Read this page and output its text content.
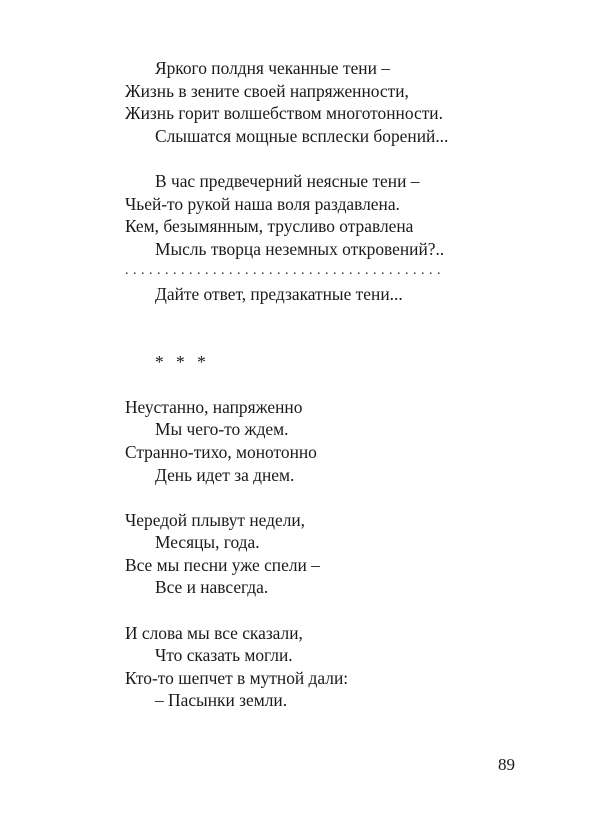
Яркого полдня чеканные тени –
Жизнь в зените своей напряженности,
Жизнь горит волшебством многотонности.
Слышатся мощные всплески борений...
В час предвечерний неясные тени –
Чьей-то рукой наша воля раздавлена.
Кем, безымянным, трусливо отравлена
Мысль творца неземных откровений?..
. . . . . . . . . . . . . . . . . . . . . . . . . . . . . . . . . . . . . . . .
Дайте ответ, предзакатные тени...
* * *
Неустанно, напряженно
Мы чего-то ждем.
Странно-тихо, монотонно
День идет за днем.
Чередой плывут недели,
Месяцы, года.
Все мы песни уже спели –
Все и навсегда.
И слова мы все сказали,
Что сказать могли.
Кто-то шепчет в мутной дали:
– Пасынки земли.
89
